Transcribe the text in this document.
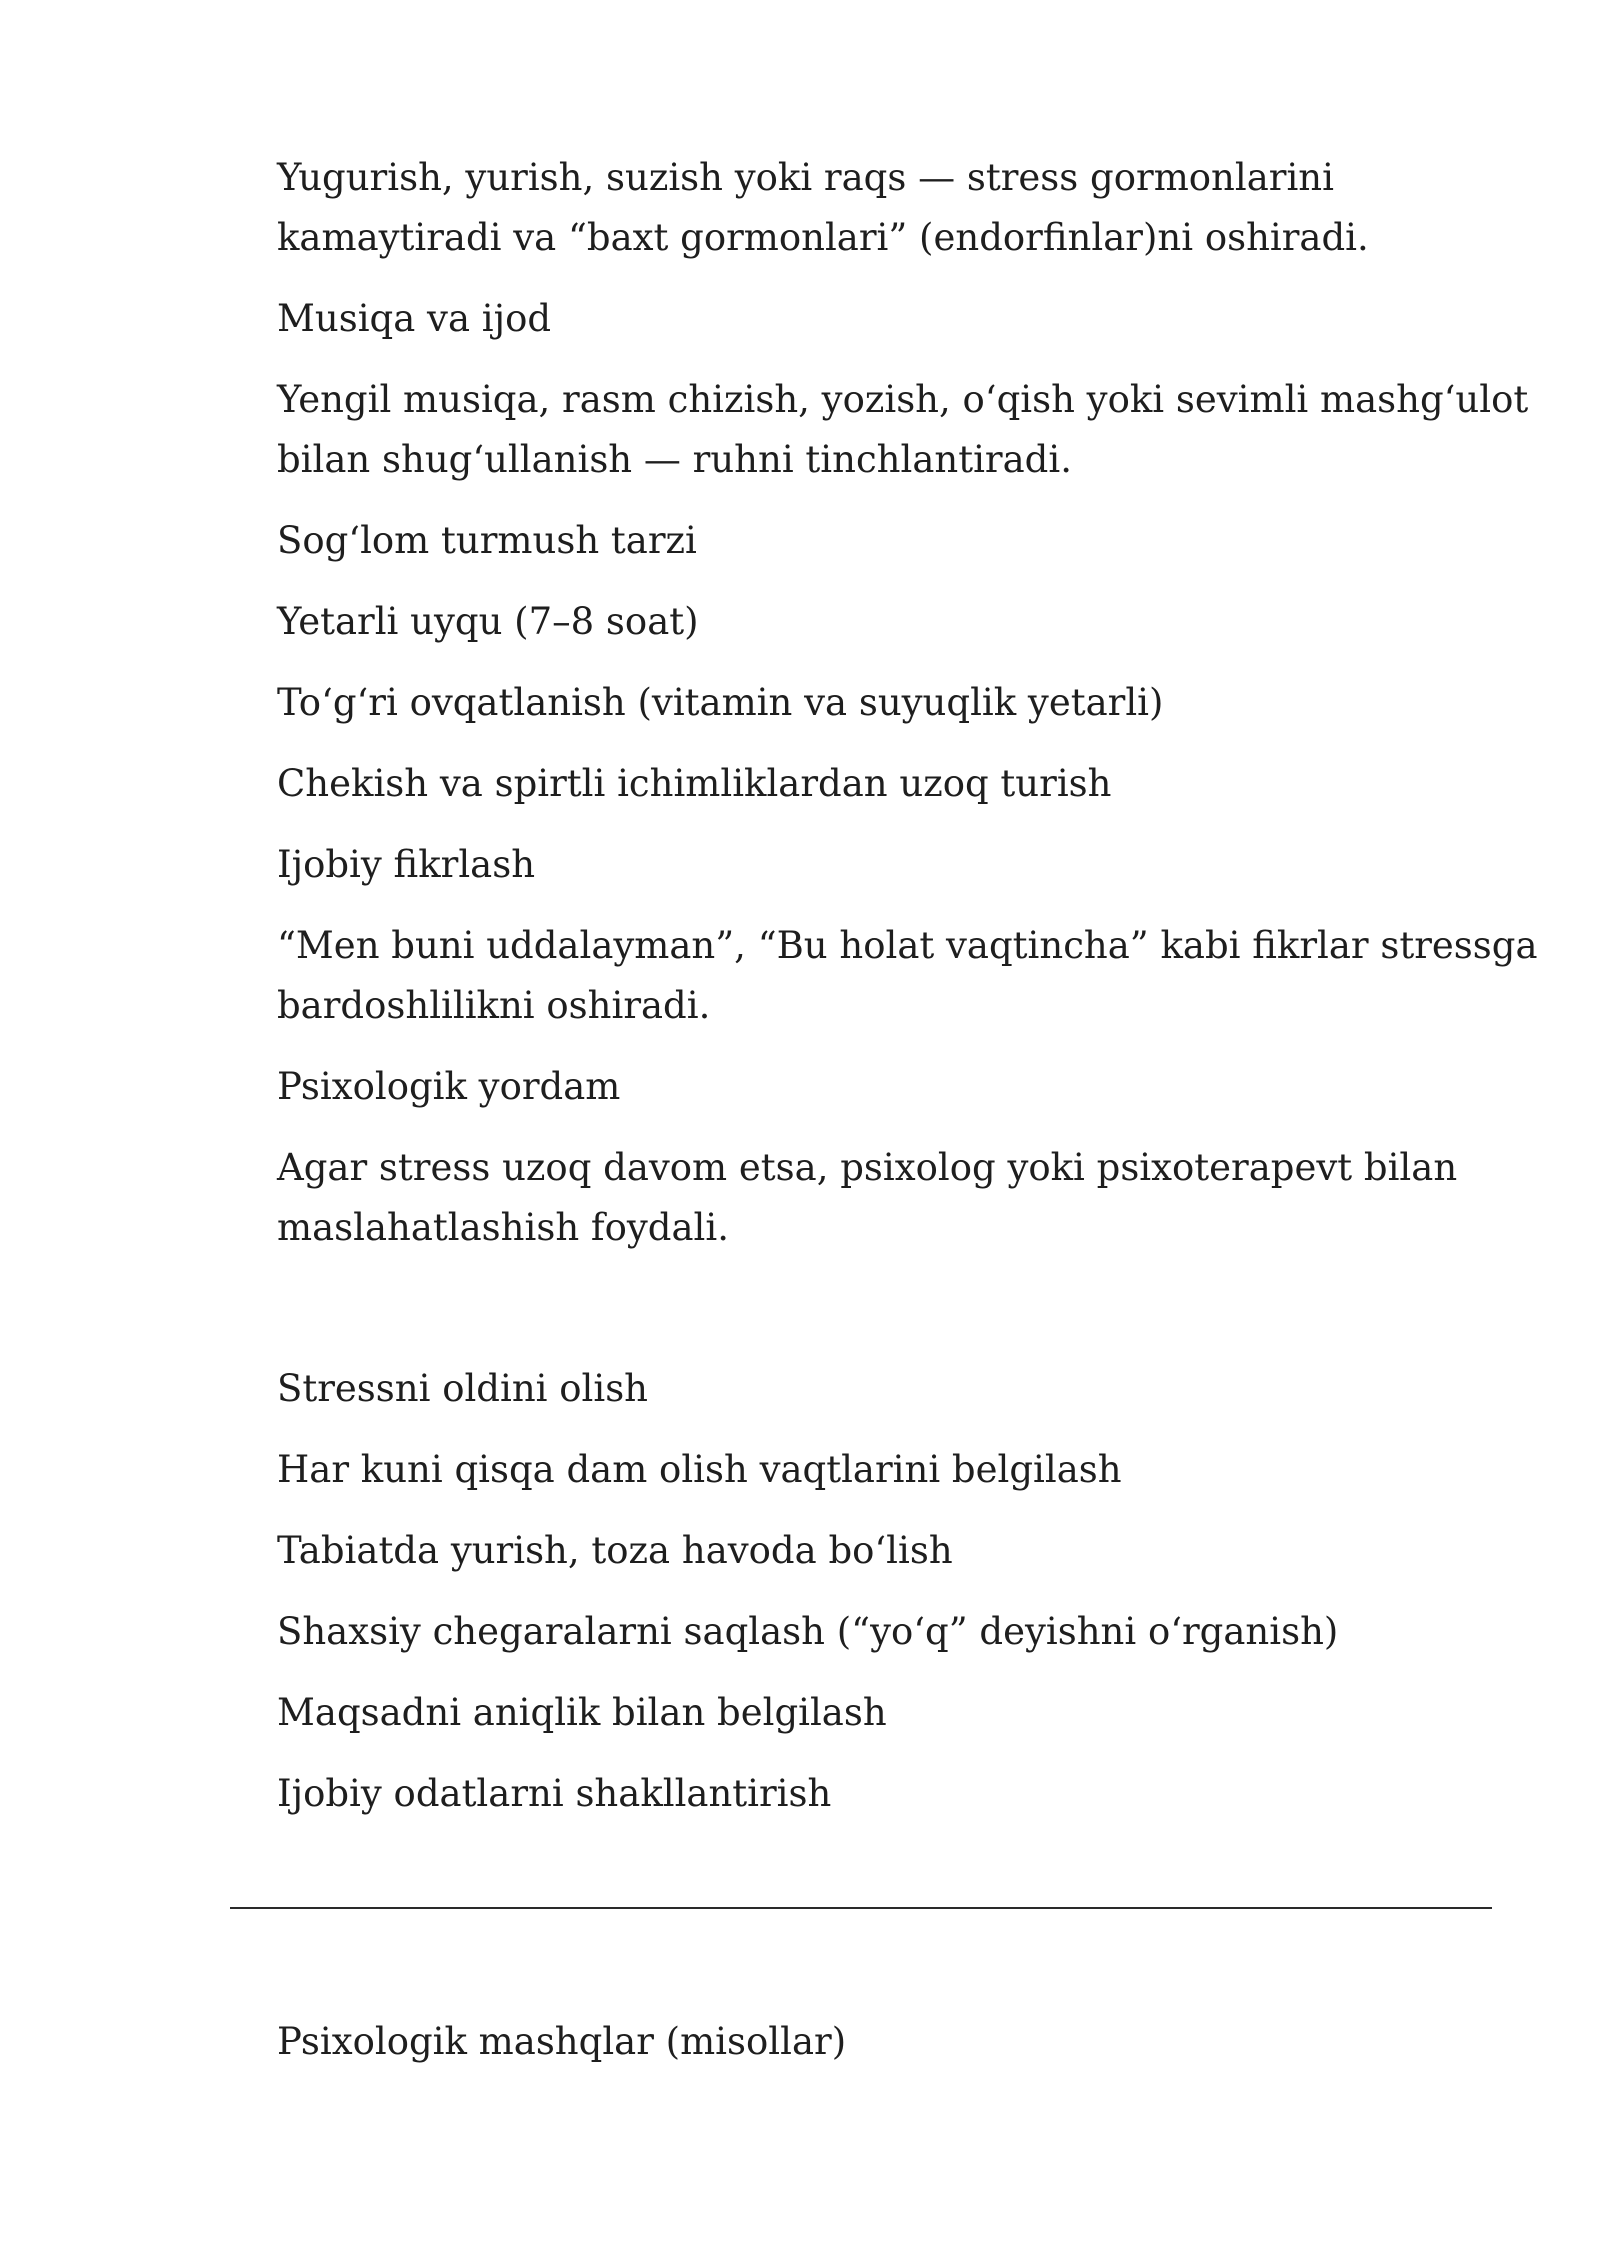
Yugurish, yurish, suzish yoki raqs — stress gormonlarini
kamaytiradi va “baxt gormonlari” (endorfinlar)ni oshiradi.

Musiqa va ijod

Yengil musiqa, rasm chizish, yozish, o‘qish yoki sevimli mashg‘ulot
bilan shug‘ullanish — ruhni tinchlantiradi.

Sog‘lom turmush tarzi

Yetarli uyqu (7–8 soat)

To‘g‘ri ovqatlanish (vitamin va suyuqlik yetarli)

Chekish va spirtli ichimliklardan uzoq turish

Ijobiy fikrlash

“Men buni uddalayman”, “Bu holat vaqtincha” kabi fikrlar stressga
bardoshlilikni oshiradi.

Psixologik yordam

Agar stress uzoq davom etsa, psixolog yoki psixoterapevt bilan
maslahatlashish foydali.

Stressni oldini olish

Har kuni qisqa dam olish vaqtlarini belgilash

Tabiatda yurish, toza havoda bo‘lish

Shaxsiy chegaralarni saqlash (“yo‘q” deyishni o‘rganish)

Maqsadni aniqlik bilan belgilash

Ijobiy odatlarni shakllantirish

Psixologik mashqlar (misollar)
